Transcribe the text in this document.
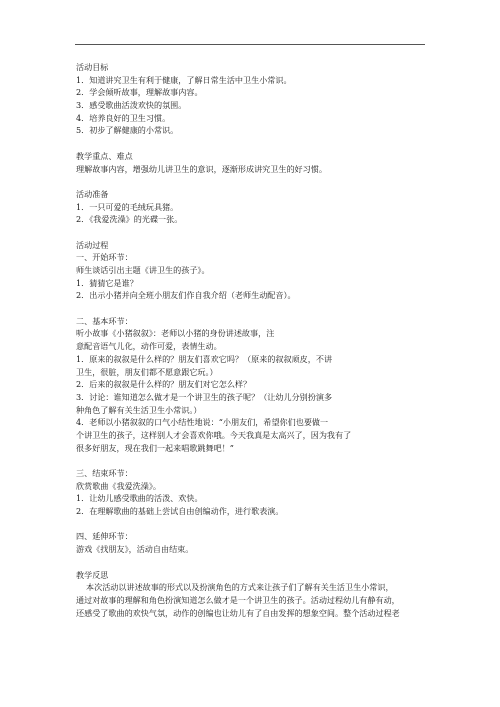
活动目标
1．知道讲究卫生有利于健康，了解日常生活中卫生小常识。
2．学会倾听故事，理解故事内容。
3．感受歌曲活泼欢快的氛围。
4．培养良好的卫生习惯。
5．初步了解健康的小常识。
教学重点、难点
理解故事内容，增强幼儿讲卫生的意识，逐渐形成讲究卫生的好习惯。
活动准备
1．一只可爱的毛绒玩具猪。
2．《我爱洗澡》的光碟一张。
活动过程
一、开始环节：
师生谈话引出主题《讲卫生的孩子》。
1．猜猜它是谁？
2．出示小猪并向全班小朋友们作自我介绍（老师生动配音）。
二、基本环节：
听小故事《小猪叙叙》：老师以小猪的身份讲述故事，注
意配音语气儿化，动作可爱，表情生动。
1．原来的叙叙是什么样的？朋友们喜欢它吗？（原来的叙叙顽皮，不讲
卫生，很脏，朋友们都不愿意跟它玩。）
2．后来的叙叙是什么样的？朋友们对它怎么样？
3．讨论：谁知道怎么做才是一个讲卫生的孩子呢？（让幼儿分别扮演多
种角色了解有关生活卫生小常识。）
4．老师以小猪叙叙的口气小结性地说：“小朋友们，希望你们也要做一
个讲卫生的孩子，这样别人才会喜欢你哦。今天我真是太高兴了，因为我有了
很多好朋友，现在我们一起来唱歌跳舞吧！”
三、结束环节：
欣赏歌曲《我爱洗澡》。
1．让幼儿感受歌曲的活泼、欢快。
2．在理解歌曲的基础上尝试自由创编动作，进行歌表演。
四、延伸环节：
游戏《找朋友》，活动自由结束。
教学反思
本次活动以讲述故事的形式以及扮演角色的方式来让孩子们了解有关生活卫生小常识，
通过对故事的理解和角色扮演知道怎么做才是一个讲卫生的孩子。活动过程幼儿有静有动，
还感受了歌曲的欢快气氛，动作的创编也让幼儿有了自由发挥的想象空间。整个活动过程老
